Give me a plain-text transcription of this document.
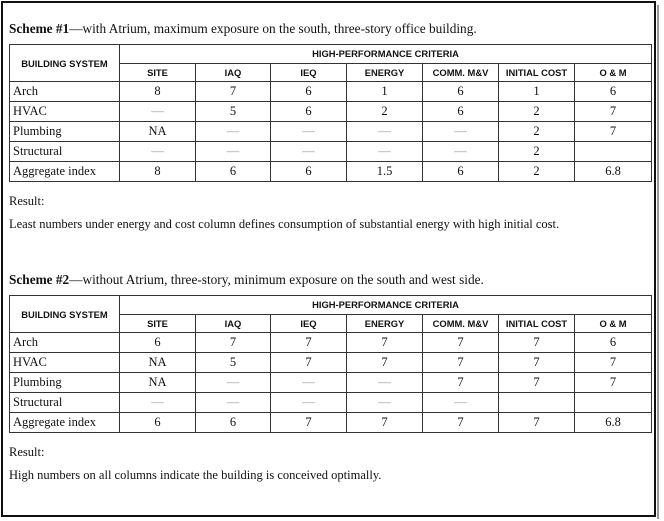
Scheme #1—with Atrium, maximum exposure on the south, three-story office building.
BUILDING SYSTEM	HIGH-PERFORMANCE CRITERIA						
	SITE	IAQ	IEQ	ENERGY	COMM. M&V	INITIAL COST	O & M
Arch	8	7	6	1	6	1	6
HVAC	—	5	6	2	6	2	7
Plumbing	NA	—	—	—	—	2	7
Structural	—	—	—	—	—	2	
Aggregate index	8	6	6	1.5	6	2	6.8
Result:
Least numbers under energy and cost column defines consumption of substantial energy with high initial cost.
Scheme #2—without Atrium, three-story, minimum exposure on the south and west side.
BUILDING SYSTEM	HIGH-PERFORMANCE CRITERIA						
	SITE	IAQ	IEQ	ENERGY	COMM. M&V	INITIAL COST	O & M
Arch	6	7	7	7	7	7	6
HVAC	NA	5	7	7	7	7	7
Plumbing	NA	—	—	—	7	7	7
Structural	—	—	—	—	—		
Aggregate index	6	6	7	7	7	7	6.8
Result:
High numbers on all columns indicate the building is conceived optimally.
